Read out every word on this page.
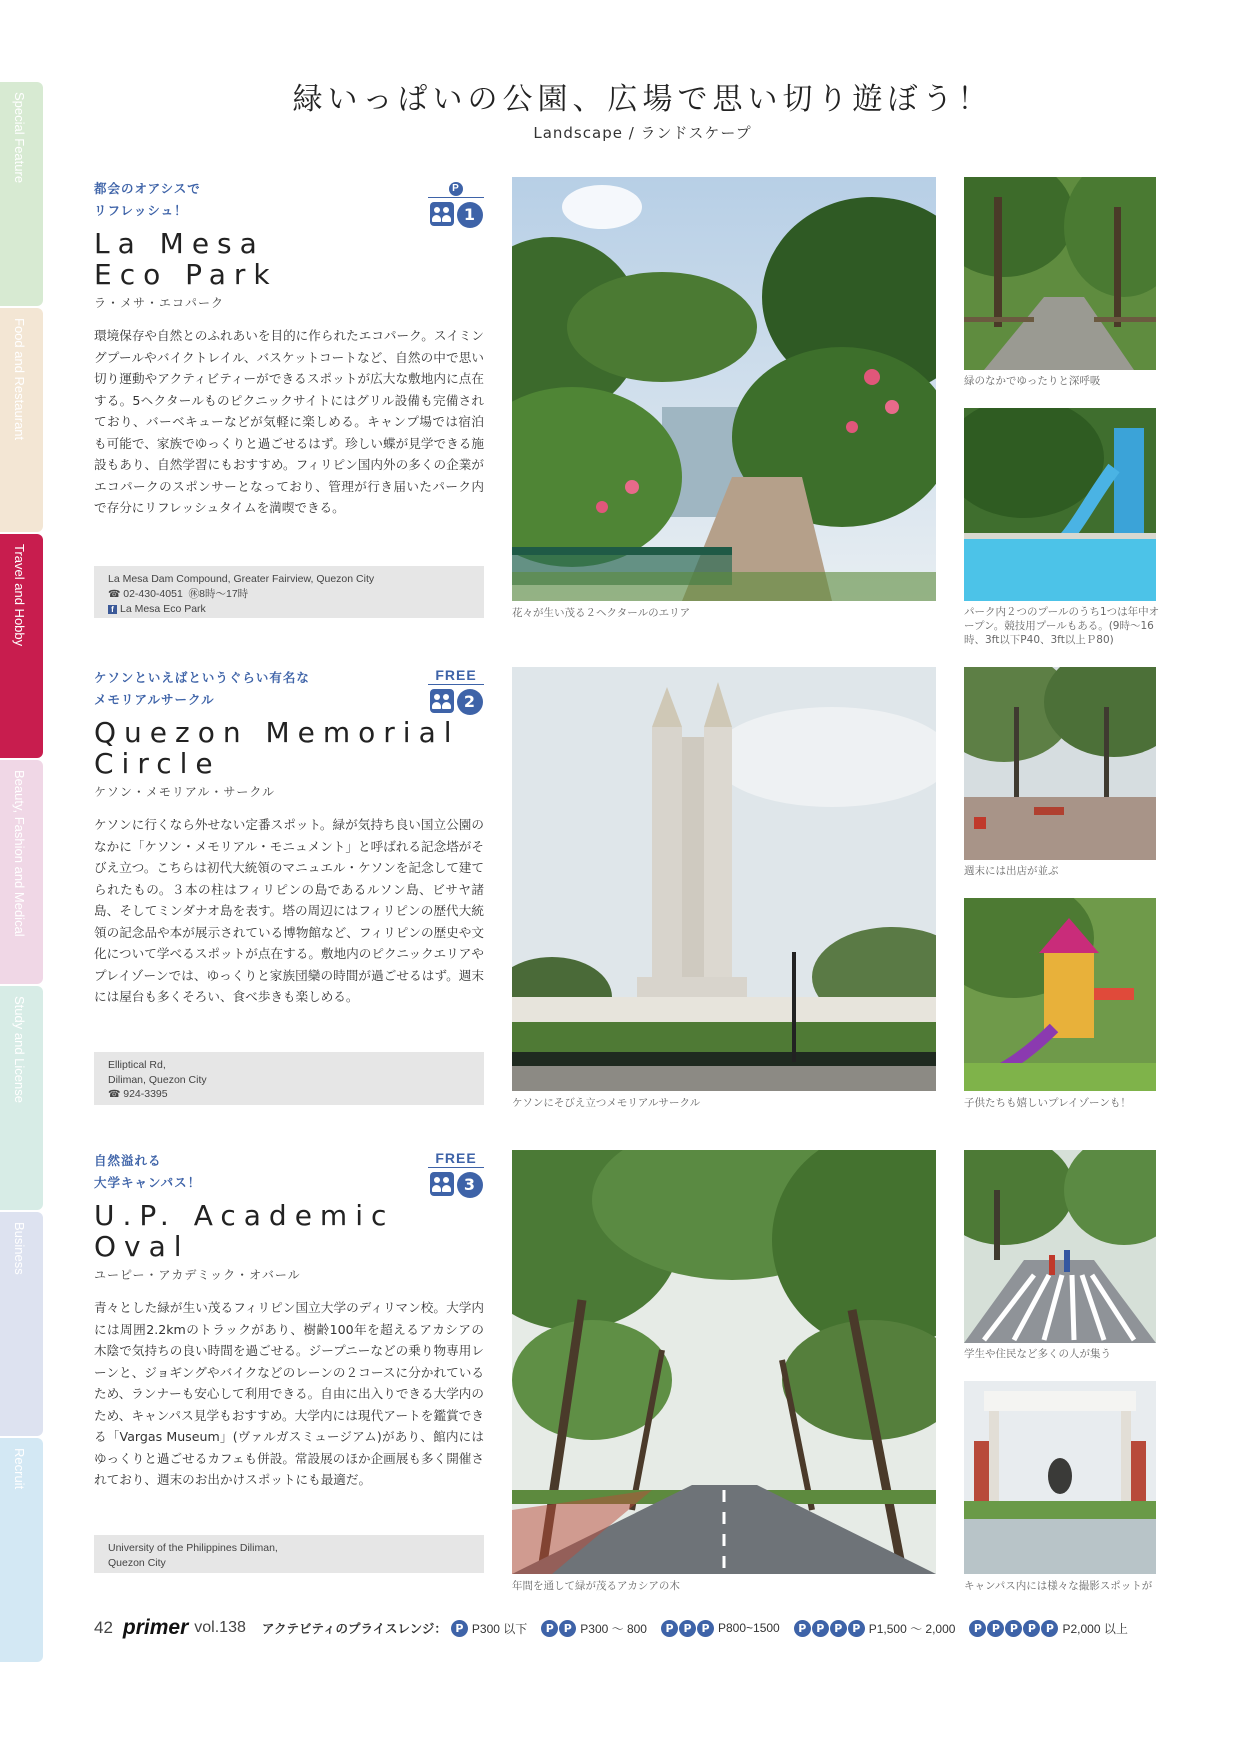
Special Feature
Food and Restaurant
Travel and Hobby
Beauty, Fashion and Medical
Study and License
Business
Recruit
緑いっぱいの公園、広場で思い切り遊ぼう！
Landscape / ランドスケープ
都会のオアシスで
リフレッシュ！
P
1
La Mesa
Eco Park
ラ・メサ・エコパーク
環境保存や自然とのふれあいを目的に作られたエコパーク。スイミングプールやバイクトレイル、バスケットコートなど、自然の中で思い切り運動やアクティビティーができるスポットが広大な敷地内に点在する。5ヘクタールものピクニックサイトにはグリル設備も完備されており、バーベキューなどが気軽に楽しめる。キャンプ場では宿泊も可能で、家族でゆっくりと過ごせるはず。珍しい蝶が見学できる施設もあり、自然学習にもおすすめ。フィリピン国内外の多くの企業がエコパークのスポンサーとなっており、管理が行き届いたパーク内で存分にリフレッシュタイムを満喫できる。
La Mesa Dam Compound, Greater Fairview, Quezon City
☎ 02-430-4051 ㊡8時〜17時
f La Mesa Eco Park	花々が生い茂る２ヘクタールのエリア
緑のなかでゆったりと深呼吸
パーク内２つのプールのうち1つは年中オープン。競技用プールもある。(9時〜16時、3ft以下P40、3ft以上Ｐ80)
ケソンといえばというぐらい有名な
メモリアルサークル
FREE
2
Quezon Memorial
Circle
ケソン・メモリアル・サークル
ケソンに行くなら外せない定番スポット。緑が気持ち良い国立公園のなかに「ケソン・メモリアル・モニュメント」と呼ばれる記念塔がそびえ立つ。こちらは初代大統領のマニュエル・ケソンを記念して建てられたもの。３本の柱はフィリピンの島であるルソン島、ビサヤ諸島、そしてミンダナオ島を表す。塔の周辺にはフィリピンの歴代大統領の記念品や本が展示されている博物館など、フィリピンの歴史や文化について学べるスポットが点在する。敷地内のピクニックエリアやプレイゾーンでは、ゆっくりと家族団欒の時間が過ごせるはず。週末には屋台も多くそろい、食べ歩きも楽しめる。
Elliptical Rd,
Diliman, Quezon City
☎ 924-3395
ケソンにそびえ立つメモリアルサークル
週末には出店が並ぶ
子供たちも嬉しいプレイゾーンも！
自然溢れる
大学キャンパス！
FREE
3
U.P. Academic
Oval
ユーピー・アカデミック・オバール
青々とした緑が生い茂るフィリピン国立大学のディリマン校。大学内には周囲2.2kmのトラックがあり、樹齢100年を超えるアカシアの木陰で気持ちの良い時間を過ごせる。ジープニーなどの乗り物専用レーンと、ジョギングやバイクなどのレーンの２コースに分かれているため、ランナーも安心して利用できる。自由に出入りできる大学内のため、キャンパス見学もおすすめ。大学内には現代アートを鑑賞できる「Vargas Museum」(ヴァルガスミュージアム)があり、館内にはゆっくりと過ごせるカフェも併設。常設展のほか企画展も多く開催されており、週末のお出かけスポットにも最適だ。
University of the Philippines Diliman,
Quezon City
年間を通して緑が茂るアカシアの木
学生や住民など多くの人が集う
キャンパス内には様々な撮影スポットが
42 primer vol.138 アクテビティのプライスレンジ： P P300 以下	P P P300 〜 800	P P P P800~1500	P P P P P1,500 〜 2,000	P P P P P P2,000 以上
